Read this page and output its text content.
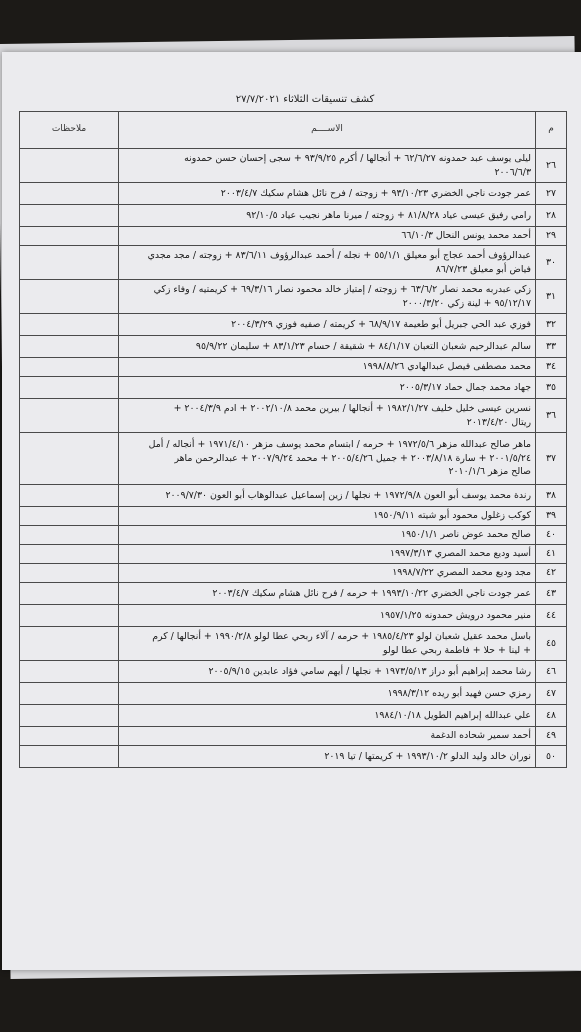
كشف تنسيقات الثلاثاء ٢٧/٧/٢٠٢١
م	الاســــم	ملاحظات
٢٦	ليلى يوسف عبد حمدونه ٦٢/٦/٢٧ + أنجالها / أكرم ٩٣/٩/٢٥ + سجى إحسان حسن حمدونه
٢٠٠٦/٦/٣	

٢٧	عمر جودت ناجي الخضري ٩٣/١٠/٢٣ + زوجته / فرح نائل هشام سكيك ٢٠٠٣/٤/٧	

٢٨	رامي رفيق عيسى عياد ٨١/٨/٢٨ + زوجته / ميرنا ماهر نجيب عياد ٩٢/١٠/٥	

٢٩	أحمد محمد يونس النحال ٦٦/١٠/٣	

٣٠	عبدالرؤوف أحمد عجاج أبو معيلق ٥٥/١/١ + نجله / أحمد عبدالرؤوف ٨٣/٦/١١ + زوجته / مجد مجدي
فياض أبو معيلق ٨٦/٧/٢٣	

٣١	زكي عبدربه محمد نصار ٦٣/٦/٢ + زوجته / إمتياز خالد محمود نصار ٦٩/٣/١٦ + كريمتيه / وفاء زكي
٩٥/١٢/١٧ + لينة زكي ٢٠٠٠/٣/٢٠	

٣٢	فوزي عبد الحي جبريل أبو طعيمة ٦٨/٩/١٧ + كريمته / صفيه فوزي ٢٠٠٤/٣/٢٩	

٣٣	سالم عبدالرحيم شعبان التعبان ٨٤/١/١٧ + شقيقة / حسام ٨٣/١/٢٣ + سليمان ٩٥/٩/٢٢	

٣٤	محمد مصطفى فيصل عبدالهادي ١٩٩٨/٨/٢٦	

٣٥	جهاد محمد جمال حماد ٢٠٠٥/٣/١٧	

٣٦	نسرين عيسى خليل خليف ١٩٨٢/١/٢٧ + أنجالها / بيرين محمد ٢٠٠٢/١٠/٨ + ادم ٢٠٠٤/٣/٩ +
ريتال ٢٠١٣/٤/٢٠	

٣٧	ماهر صالح عبدالله مزهر ١٩٧٢/٥/٦ + حرمه / ابتسام محمد يوسف مزهر ١٩٧١/٤/١٠ + أنجاله / أمل
٢٠٠١/٥/٢٤ + سارة ٢٠٠٣/٨/١٨ + جميل ٢٠٠٥/٤/٢٦ + محمد ٢٠٠٧/٩/٢٤ + عبدالرحمن ماهر
صالح مزهر ٢٠١٠/١/٦	

٣٨	رندة محمد يوسف أبو العون ١٩٧٢/٩/٨ + نجلها / زين إسماعيل عبدالوهاب أبو العون ٢٠٠٩/٧/٣٠	

٣٩	كوكب زغلول محمود أبو شيته ١٩٥٠/٩/١١	

٤٠	صالح محمد عوض ناصر ١٩٥٠/١/١	

٤١	أسيد وديع محمد المصري ١٩٩٧/٣/١٣	

٤٢	مجد وديع محمد المصري ١٩٩٨/٧/٢٢	

٤٣	عمر جودت ناجي الخضري ١٩٩٣/١٠/٢٢ + حرمه / فرح نائل هشام سكيك ٢٠٠٣/٤/٧	

٤٤	منير محمود درويش حمدونه ١٩٥٧/١/٢٥	

٤٥	باسل محمد عقيل شعبان لولو ١٩٨٥/٤/٢٣ + حرمه / آلاء ربحي عطا لولو ١٩٩٠/٢/٨ + أنجالها / كرم
+ لينا + حلا + فاطمة ربحي عطا لولو	

٤٦	رشا محمد إبراهيم أبو دراز ١٩٧٣/٥/١٣ + نجلها / أيهم سامي فؤاد عابدين ٢٠٠٥/٩/١٥	

٤٧	رمزي حسن فهيد أبو ريده ١٩٩٨/٣/١٢	

٤٨	علي عبدالله إبراهيم الطويل ١٩٨٤/١٠/١٨	

٤٩	أحمد سمير شحاده الدغمة	

٥٠	نوران خالد وليد الدلو ١٩٩٣/١٠/٢ + كريمتها / تيا ٢٠١٩	
